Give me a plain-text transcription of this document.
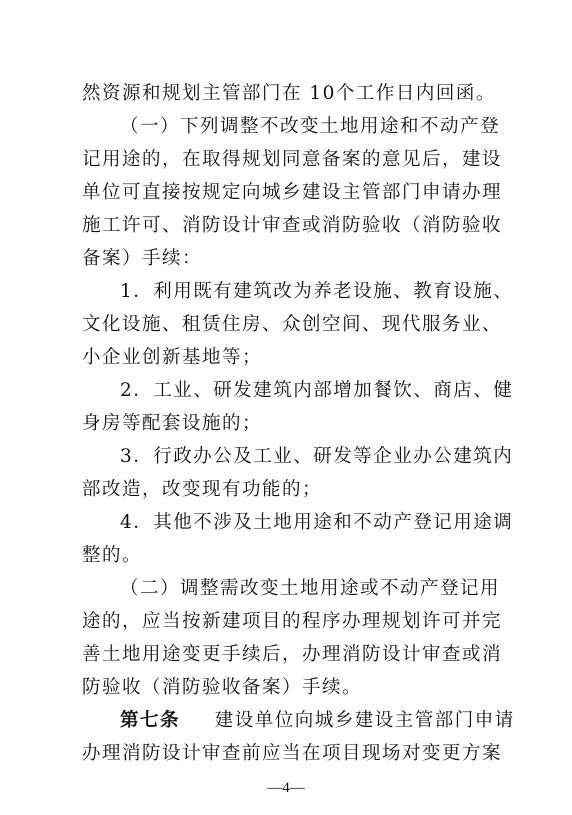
然资源和规划主管部门在 10个工作日内回函。
（一）下列调整不改变土地用途和不动产登
记用途的，在取得规划同意备案的意见后，建设
单位可直接按规定向城乡建设主管部门申请办理
施工许可、消防设计审查或消防验收（消防验收
备案）手续：
1．利用既有建筑改为养老设施、教育设施、
文化设施、租赁住房、众创空间、现代服务业、
小企业创新基地等；
2．工业、研发建筑内部增加餐饮、商店、健
身房等配套设施的；
3．行政办公及工业、研发等企业办公建筑内
部改造，改变现有功能的；
4．其他不涉及土地用途和不动产登记用途调
整的。
（二）调整需改变土地用途或不动产登记用
途的，应当按新建项目的程序办理规划许可并完
善土地用途变更手续后，办理消防设计审查或消
防验收（消防验收备案）手续。
第七条 建设单位向城乡建设主管部门申请
办理消防设计审查前应当在项目现场对变更方案
—4—
